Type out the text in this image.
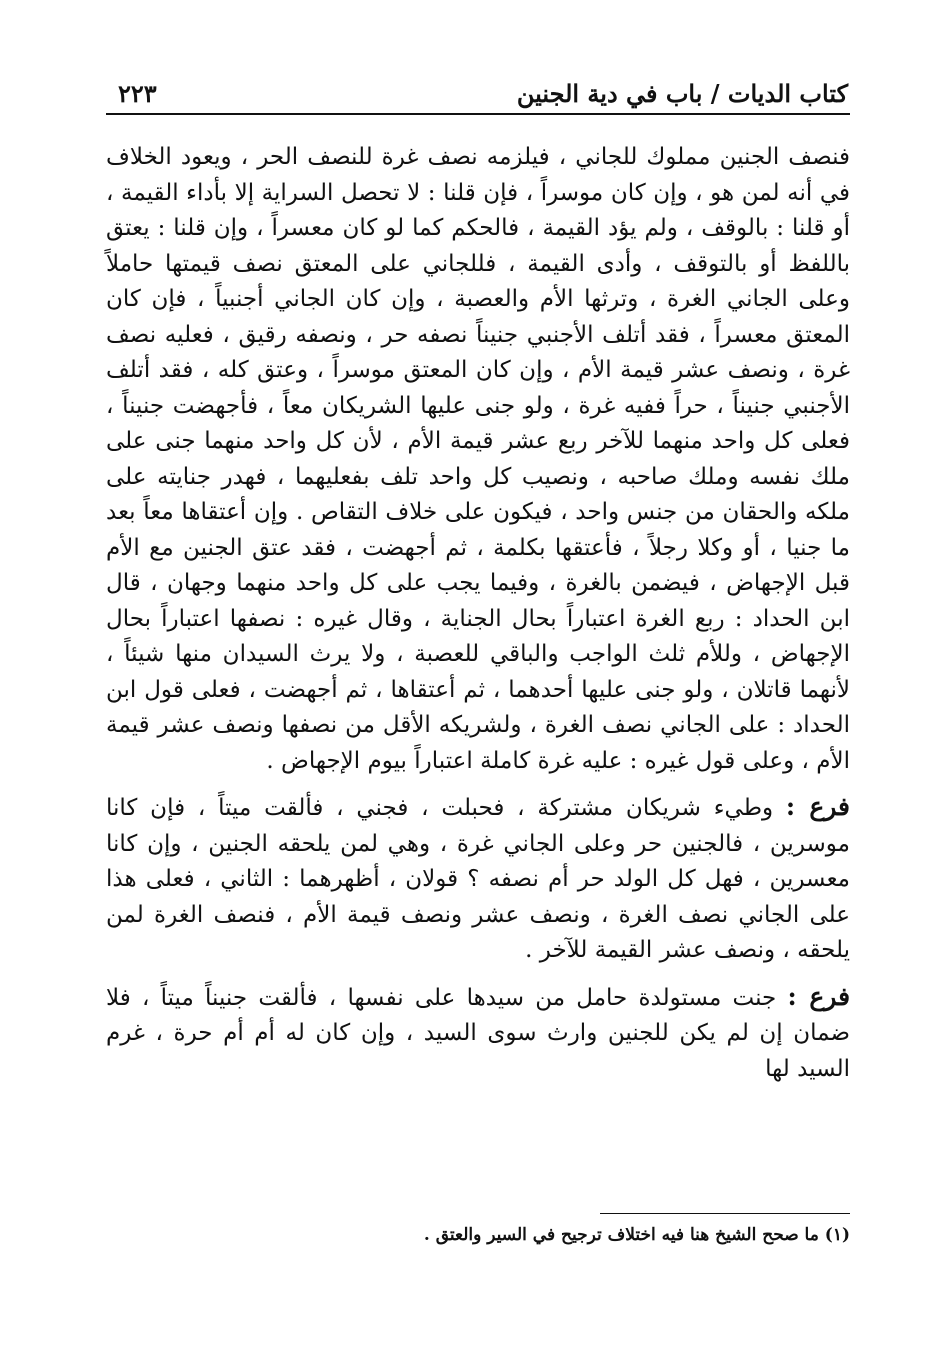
كتاب الديات / باب في دية الجنين
٢٢٣

فنصف الجنين مملوك للجاني ، فيلزمه نصف غرة للنصف الحر ، ويعود الخلاف في أنه لمن هو ، وإن كان موسراً ، فإن قلنا : لا تحصل السراية إلا بأداء القيمة ، أو قلنا : بالوقف ، ولم يؤد القيمة ، فالحكم كما لو كان معسراً ، وإن قلنا : يعتق باللفظ أو بالتوقف ، وأدى القيمة ، فللجاني على المعتق نصف قيمتها حاملاً وعلى الجاني الغرة ، وترثها الأم والعصبة ، وإن كان الجاني أجنبياً ، فإن كان المعتق معسراً ، فقد أتلف الأجنبي جنيناً نصفه حر ، ونصفه رقيق ، فعليه نصف غرة ، ونصف عشر قيمة الأم ، وإن كان المعتق موسراً ، وعتق كله ، فقد أتلف الأجنبي جنيناً ، حراً ففيه غرة ، ولو جنى عليها الشريكان معاً ، فأجهضت جنيناً ، فعلى كل واحد منهما للآخر ربع عشر قيمة الأم ، لأن كل واحد منهما جنى على ملك نفسه وملك صاحبه ، ونصيب كل واحد تلف بفعليهما ، فهدر جنايته على ملكه والحقان من جنس واحد ، فيكون على خلاف التقاص . وإن أعتقاها معاً بعد ما جنيا ، أو وكلا رجلاً ، فأعتقها بكلمة ، ثم أجهضت ، فقد عتق الجنين مع الأم قبل الإجهاض ، فيضمن بالغرة ، وفيما يجب على كل واحد منهما وجهان ، قال ابن الحداد : ربع الغرة اعتباراً بحال الجناية ، وقال غيره : نصفها اعتباراً بحال الإجهاض ، وللأم ثلث الواجب والباقي للعصبة ، ولا يرث السيدان منها شيئاً ، لأنهما قاتلان ، ولو جنى عليها أحدهما ، ثم أعتقاها ، ثم أجهضت ، فعلى قول ابن الحداد : على الجاني نصف الغرة ، ولشريكه الأقل من نصفها ونصف عشر قيمة الأم ، وعلى قول غيره : عليه غرة كاملة اعتباراً بيوم الإجهاض .

فرع : وطيء شريكان مشتركة ، فحبلت ، فجني ، فألقت ميتاً ، فإن كانا موسرين ، فالجنين حر وعلى الجاني غرة ، وهي لمن يلحقه الجنين ، وإن كانا معسرين ، فهل كل الولد حر أم نصفه ؟ قولان ، أظهرهما : الثاني ، فعلى هذا على الجاني نصف الغرة ، ونصف عشر ونصف قيمة الأم ، فنصف الغرة لمن يلحقه ، ونصف عشر القيمة للآخر .

فرع : جنت مستولدة حامل من سيدها على نفسها ، فألقت جنيناً ميتاً ، فلا ضمان إن لم يكن للجنين وارث سوى السيد ، وإن كان له أم أم حرة ، غرم السيد لها

(١) ما صحح الشيخ هنا فيه اختلاف ترجيح في السير والعتق .
